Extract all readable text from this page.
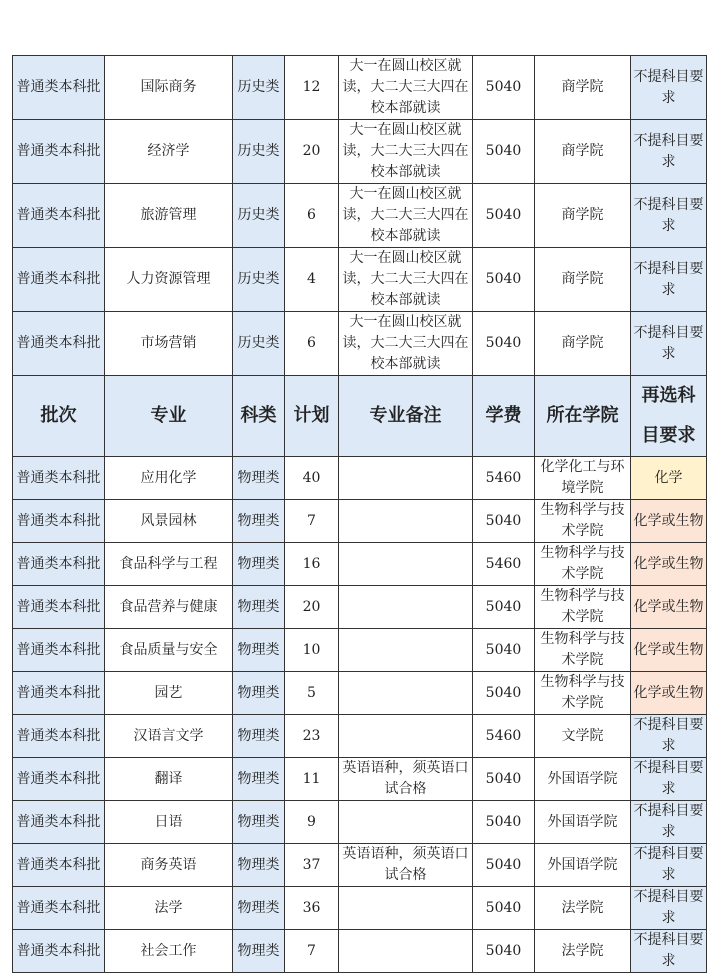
普通类本科批	国际商务	历史类	12	大一在圆山校区就读，大二大三大四在校本部就读	5040	商学院	不提科目要求
普通类本科批	经济学	历史类	20	大一在圆山校区就读，大二大三大四在校本部就读	5040	商学院	不提科目要求
普通类本科批	旅游管理	历史类	6	大一在圆山校区就读，大二大三大四在校本部就读	5040	商学院	不提科目要求
普通类本科批	人力资源管理	历史类	4	大一在圆山校区就读，大二大三大四在校本部就读	5040	商学院	不提科目要求
普通类本科批	市场营销	历史类	6	大一在圆山校区就读，大二大三大四在校本部就读	5040	商学院	不提科目要求
批次	专业	科类	计划	专业备注	学费	所在学院	再选科目要求
普通类本科批	应用化学	物理类	40		5460	化学化工与环境学院	化学
普通类本科批	风景园林	物理类	7		5040	生物科学与技术学院	化学或生物
普通类本科批	食品科学与工程	物理类	16		5460	生物科学与技术学院	化学或生物
普通类本科批	食品营养与健康	物理类	20		5040	生物科学与技术学院	化学或生物
普通类本科批	食品质量与安全	物理类	10		5040	生物科学与技术学院	化学或生物
普通类本科批	园艺	物理类	5		5040	生物科学与技术学院	化学或生物
普通类本科批	汉语言文学	物理类	23		5460	文学院	不提科目要求
普通类本科批	翻译	物理类	11	英语语种，须英语口试合格	5040	外国语学院	不提科目要求
普通类本科批	日语	物理类	9		5040	外国语学院	不提科目要求
普通类本科批	商务英语	物理类	37	英语语种，须英语口试合格	5040	外国语学院	不提科目要求
普通类本科批	法学	物理类	36		5040	法学院	不提科目要求
普通类本科批	社会工作	物理类	7		5040	法学院	不提科目要求
